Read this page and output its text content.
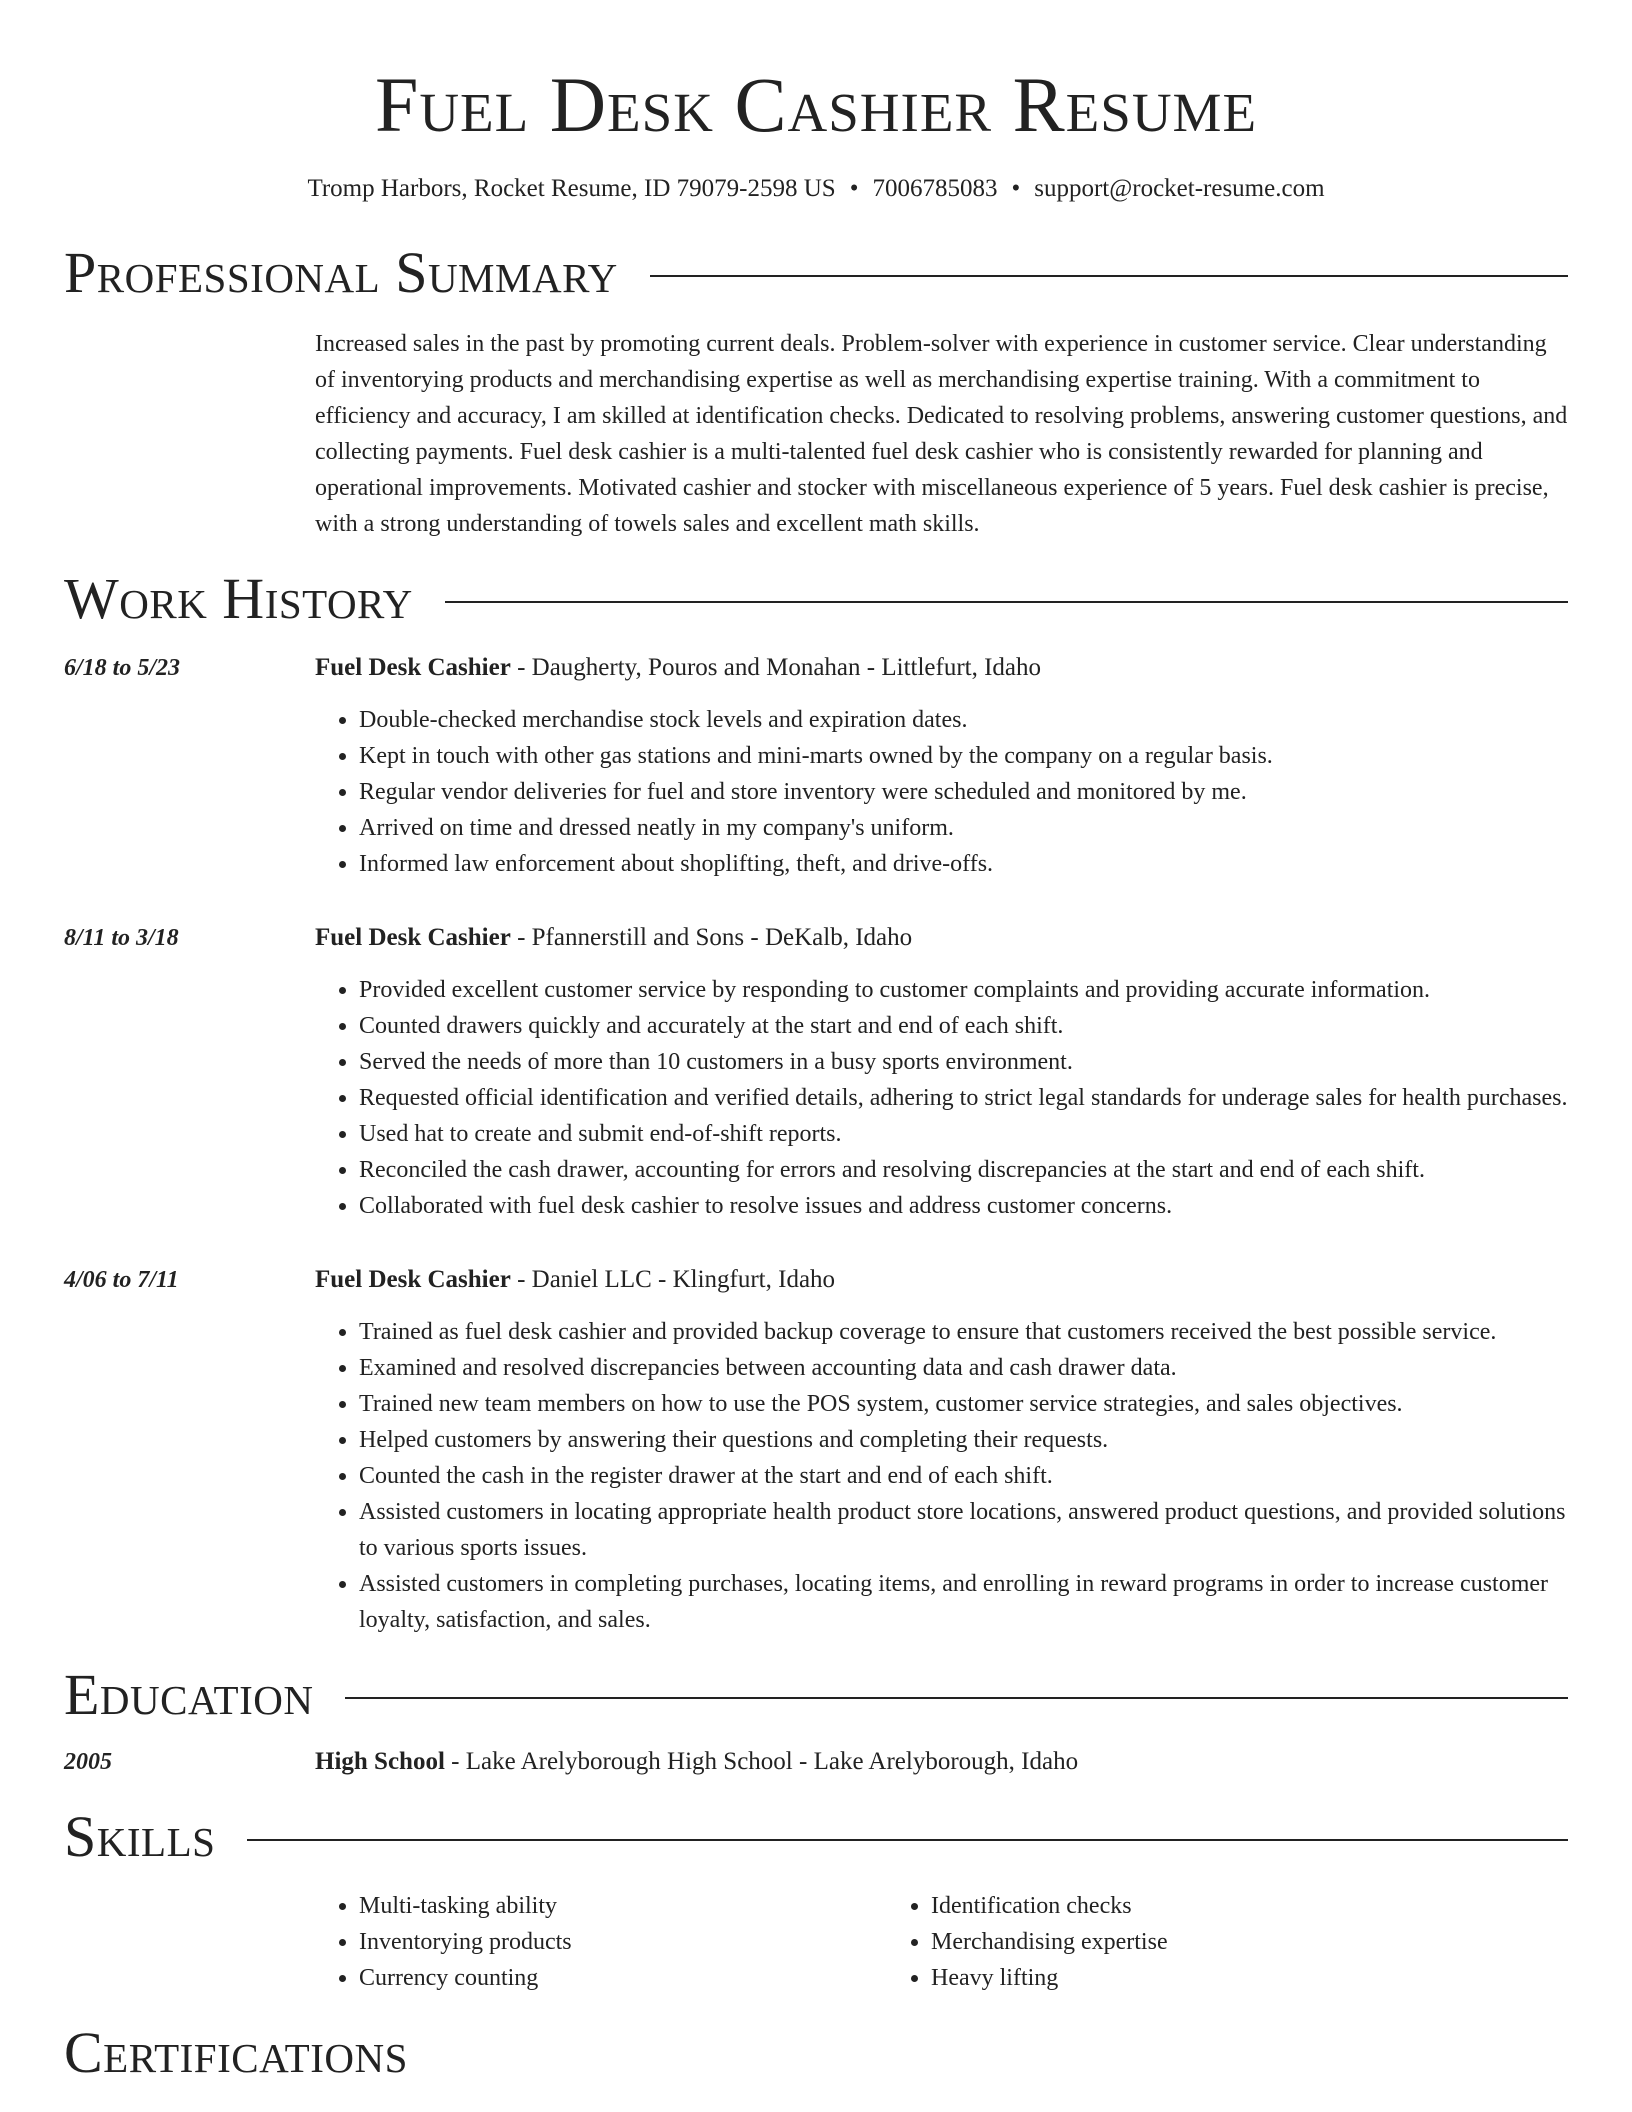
Fuel Desk Cashier Resume
Tromp Harbors, Rocket Resume, ID 79079-2598 US • 7006785083 • support@rocket-resume.com
Professional Summary
Increased sales in the past by promoting current deals. Problem-solver with experience in customer service. Clear understanding of inventorying products and merchandising expertise as well as merchandising expertise training. With a commitment to efficiency and accuracy, I am skilled at identification checks. Dedicated to resolving problems, answering customer questions, and collecting payments. Fuel desk cashier is a multi-talented fuel desk cashier who is consistently rewarded for planning and operational improvements. Motivated cashier and stocker with miscellaneous experience of 5 years. Fuel desk cashier is precise, with a strong understanding of towels sales and excellent math skills.
Work History
6/18 to 5/23	Fuel Desk Cashier - Daugherty, Pouros and Monahan - Littlefurt, Idaho
• Double-checked merchandise stock levels and expiration dates.
• Kept in touch with other gas stations and mini-marts owned by the company on a regular basis.
• Regular vendor deliveries for fuel and store inventory were scheduled and monitored by me.
• Arrived on time and dressed neatly in my company's uniform.
• Informed law enforcement about shoplifting, theft, and drive-offs.
8/11 to 3/18	Fuel Desk Cashier - Pfannerstill and Sons - DeKalb, Idaho
• Provided excellent customer service by responding to customer complaints and providing accurate information.
• Counted drawers quickly and accurately at the start and end of each shift.
• Served the needs of more than 10 customers in a busy sports environment.
• Requested official identification and verified details, adhering to strict legal standards for underage sales for health purchases.
• Used hat to create and submit end-of-shift reports.
• Reconciled the cash drawer, accounting for errors and resolving discrepancies at the start and end of each shift.
• Collaborated with fuel desk cashier to resolve issues and address customer concerns.
4/06 to 7/11	Fuel Desk Cashier - Daniel LLC - Klingfurt, Idaho
• Trained as fuel desk cashier and provided backup coverage to ensure that customers received the best possible service.
• Examined and resolved discrepancies between accounting data and cash drawer data.
• Trained new team members on how to use the POS system, customer service strategies, and sales objectives.
• Helped customers by answering their questions and completing their requests.
• Counted the cash in the register drawer at the start and end of each shift.
• Assisted customers in locating appropriate health product store locations, answered product questions, and provided solutions to various sports issues.
• Assisted customers in completing purchases, locating items, and enrolling in reward programs in order to increase customer loyalty, satisfaction, and sales.
Education
2005	High School - Lake Arelyborough High School - Lake Arelyborough, Idaho
Skills
• Multi-tasking ability
• Inventorying products
• Currency counting
• Identification checks
• Merchandising expertise
• Heavy lifting
Certifications
